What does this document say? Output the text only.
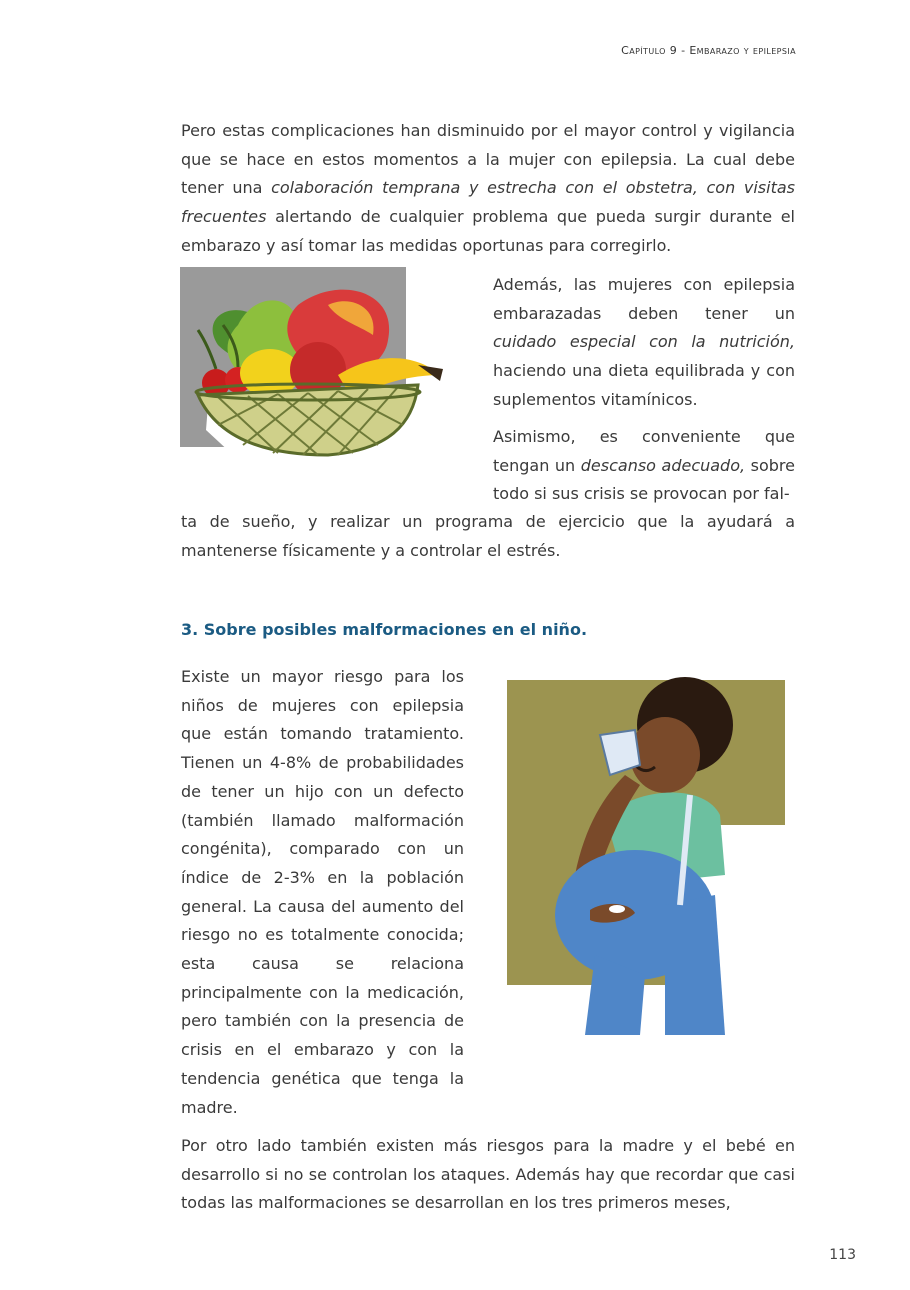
Capítulo 9 - Embarazo y epilepsia

Pero estas complicaciones han disminuido por el mayor control y vigilancia que se hace en estos momentos a la mujer con epilepsia. La cual debe tener una colaboración temprana y estrecha con el obstetra, con visitas frecuentes alertando de cualquier problema que pueda surgir durante el embarazo y así tomar las medidas oportunas para corregirlo.

Además, las mujeres con epilepsia embarazadas deben tener un cuidado especial con la nutrición, haciendo una dieta equilibrada y con suplementos vitamínicos.

Asimismo, es conveniente que tengan un descanso adecuado, sobre todo si sus crisis se provocan por fal-

ta de sueño, y realizar un programa de ejercicio que la ayudará a mantenerse físicamente y a controlar el estrés.

3. Sobre posibles malformaciones en el niño.

Existe un mayor riesgo para los niños de mujeres con epilepsia que están tomando tratamiento. Tienen un 4-8% de probabilidades de tener un hijo con un defecto (también llamado malformación congénita), comparado con un índice de 2-3% en la población general. La causa del aumento del riesgo no es totalmente conocida; esta causa se relaciona principalmente con la medicación, pero también con la presencia de crisis en el embarazo y con la tendencia genética que tenga la madre.

Por otro lado también existen más riesgos para la madre y el bebé en desarrollo si no se controlan los ataques. Además hay que recordar que casi todas las malformaciones se desarrollan en los tres primeros meses,

113
